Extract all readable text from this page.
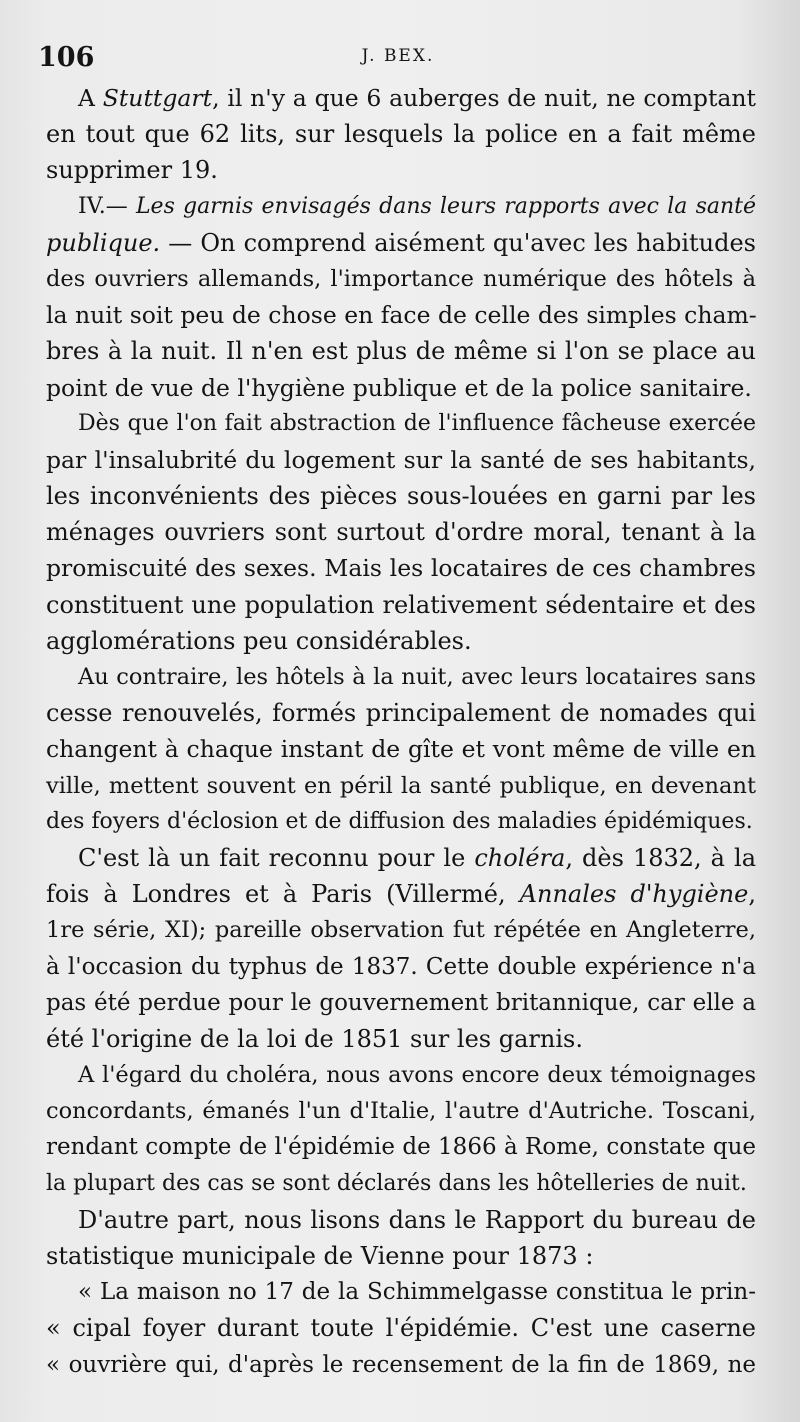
106	J. BEX.
A Stuttgart, il n'y a que 6 auberges de nuit, ne comptant
en tout que 62 lits, sur lesquels la police en a fait même
supprimer 19.
IV.— Les garnis envisagés dans leurs rapports avec la santé
publique. — On comprend aisément qu'avec les habitudes
des ouvriers allemands, l'importance numérique des hôtels à
la nuit soit peu de chose en face de celle des simples cham-
bres à la nuit. Il n'en est plus de même si l'on se place au
point de vue de l'hygiène publique et de la police sanitaire.
Dès que l'on fait abstraction de l'influence fâcheuse exercée
par l'insalubrité du logement sur la santé de ses habitants,
les inconvénients des pièces sous-louées en garni par les
ménages ouvriers sont surtout d'ordre moral, tenant à la
promiscuité des sexes. Mais les locataires de ces chambres
constituent une population relativement sédentaire et des
agglomérations peu considérables.
Au contraire, les hôtels à la nuit, avec leurs locataires sans
cesse renouvelés, formés principalement de nomades qui
changent à chaque instant de gîte et vont même de ville en
ville, mettent souvent en péril la santé publique, en devenant
des foyers d'éclosion et de diffusion des maladies épidémiques.
C'est là un fait reconnu pour le choléra, dès 1832, à la
fois à Londres et à Paris (Villermé, Annales d'hygiène,
1re série, XI); pareille observation fut répétée en Angleterre,
à l'occasion du typhus de 1837. Cette double expérience n'a
pas été perdue pour le gouvernement britannique, car elle a
été l'origine de la loi de 1851 sur les garnis.
A l'égard du choléra, nous avons encore deux témoignages
concordants, émanés l'un d'Italie, l'autre d'Autriche. Toscani,
rendant compte de l'épidémie de 1866 à Rome, constate que
la plupart des cas se sont déclarés dans les hôtelleries de nuit.
D'autre part, nous lisons dans le Rapport du bureau de
statistique municipale de Vienne pour 1873 :
« La maison no 17 de la Schimmelgasse constitua le prin-
« cipal foyer durant toute l'épidémie. C'est une caserne
« ouvrière qui, d'après le recensement de la fin de 1869, ne
